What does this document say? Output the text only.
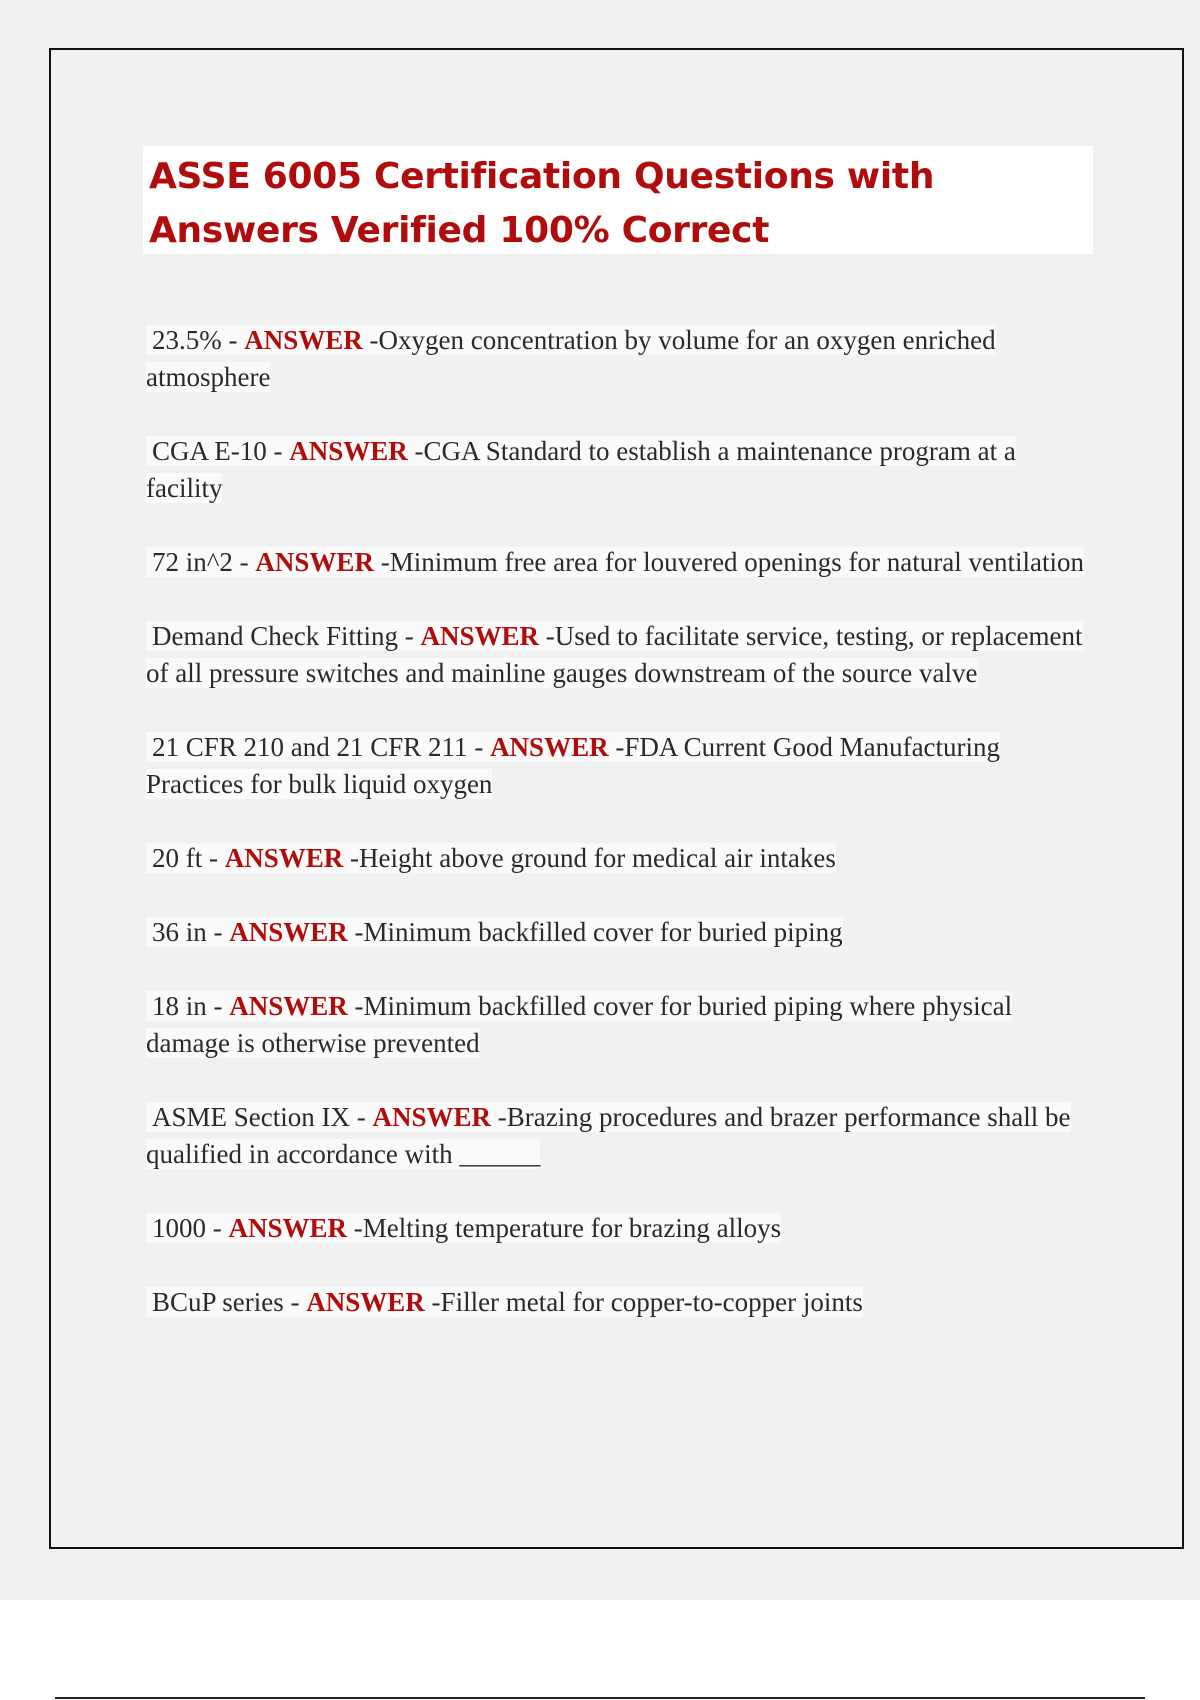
ASSE 6005 Certification Questions with Answers Verified 100% Correct

23.5% - ANSWER -Oxygen concentration by volume for an oxygen enriched atmosphere

CGA E-10 - ANSWER -CGA Standard to establish a maintenance program at a facility

72 in^2 - ANSWER -Minimum free area for louvered openings for natural ventilation

Demand Check Fitting - ANSWER -Used to facilitate service, testing, or replacement of all pressure switches and mainline gauges downstream of the source valve

21 CFR 210 and 21 CFR 211 - ANSWER -FDA Current Good Manufacturing Practices for bulk liquid oxygen

20 ft - ANSWER -Height above ground for medical air intakes

36 in - ANSWER -Minimum backfilled cover for buried piping

18 in - ANSWER -Minimum backfilled cover for buried piping where physical damage is otherwise prevented

ASME Section IX - ANSWER -Brazing procedures and brazer performance shall be qualified in accordance with ______

1000 - ANSWER -Melting temperature for brazing alloys

BCuP series - ANSWER -Filler metal for copper-to-copper joints
